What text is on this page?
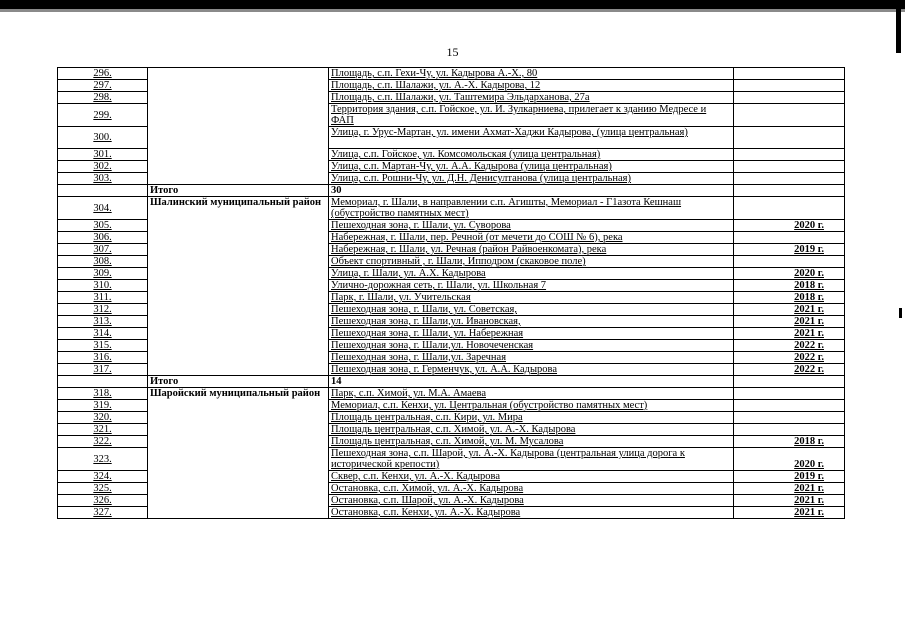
15
296.		Площадь, с.п. Гехи-Чу, ул. Кадырова А.-Х., 80	
297.		Площадь, с.п. Шалажи, ул. А.-Х. Кадырова, 12	
298.		Площадь, с.п. Шалажи, ул. Таштемира Эльдарханова, 27а	
299.		Территория здания, с.п. Гойское, ул. И. Зулкарниева, прилегает к зданию Медресе и ФАП	
300.		Улица, г. Урус-Мартан, ул. имени Ахмат-Хаджи Кадырова, (улица центральная)	
301.		Улица, с.п. Гойское, ул. Комсомольская (улица центральная)	
302.		Улица, с.п. Мартан-Чу, ул. А.А. Кадырова (улица центральная)	
303.		Улица, с.п. Рошни-Чу, ул. Д.Н. Денисултанова (улица центральная)	
	Итого	30	
304.	Шалинский муниципальный район	Мемориал, г. Шали, в направлении с.п. Агишты, Мемориал - Г1азота Кешнаш (обустройство памятных мест)	
305.		Пешеходная зона, г. Шали, ул. Суворова	2020 г.
306.		Набережная, г. Шали, пер. Речной (от мечети до СОШ № 6), река	
307.		Набережная, г. Шали, ул. Речная (район Райвоенкомата), река	2019 г.
308.		Объект спортивный , г. Шали, Ипподром (скаковое поле)	
309.		Улица, г. Шали, ул. А.Х. Кадырова	2020 г.
310.		Улично-дорожная сеть, г. Шали, ул. Школьная 7	2018 г.
311.		Парк, г. Шали, ул. Учительская	2018 г.
312.		Пешеходная зона, г. Шали, ул. Советская,	2021 г.
313.		Пешеходная зона, г. Шали,ул. Ивановская,	2021 г.
314.		Пешеходная зона, г. Шали, ул. Набережная	2021 г.
315.		Пешеходная зона, г. Шали,ул. Новочеченская	2022 г.
316.		Пешеходная зона, г. Шали,ул. Заречная	2022 г.
317.		Пешеходная зона, г. Герменчук, ул. А.А. Кадырова	2022 г.
	Итого	14	
318.	Шаройский муниципальный район	Парк, с.п. Химой, ул. М.А. Амаева	
319.		Мемориал, с.п. Кенхи, ул. Центральная (обустройство памятных мест)	
320.		Площадь центральная, с.п. Кири, ул. Мира	
321.		Площадь центральная, с.п. Химой, ул. А.-Х. Кадырова	
322.		Площадь центральная, с.п. Химой, ул. М. Мусалова	2018 г.
323.		Пешеходная зона, с.п. Шарой, ул. А.-Х. Кадырова (центральная улица дорога к исторической крепости)	2020 г.
324.		Сквер, с.п. Кенхи, ул. А.-Х. Кадырова	2019 г.
325.		Остановка, с.п. Химой, ул. А.-Х. Кадырова	2021 г.
326.		Остановка, с.п. Шарой, ул. А.-Х. Кадырова	2021 г.
327.		Остановка, с.п. Кенхи, ул. А.-Х. Кадырова	2021 г.
